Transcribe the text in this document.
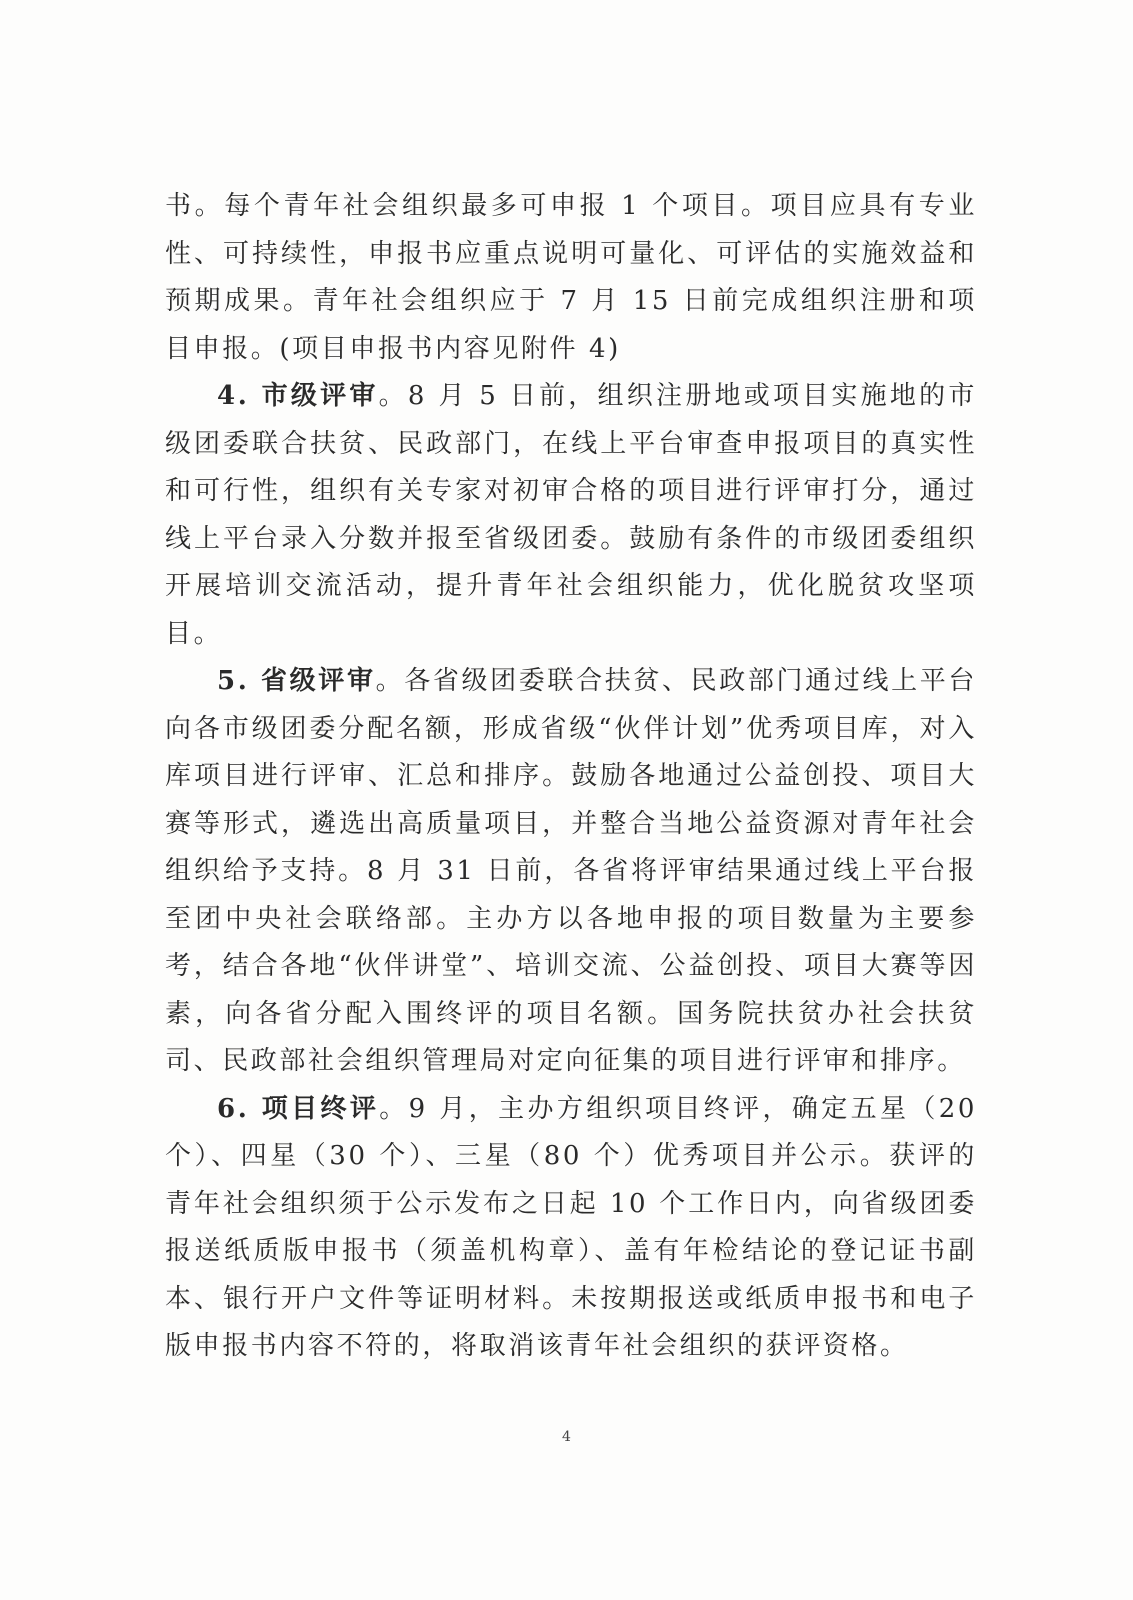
书。每个青年社会组织最多可申报 1 个项目。项目应具有专业性、可持续性，申报书应重点说明可量化、可评估的实施效益和预期成果。青年社会组织应于 7 月 15 日前完成组织注册和项目申报。(项目申报书内容见附件 4)

4. 市级评审。8 月 5 日前，组织注册地或项目实施地的市级团委联合扶贫、民政部门，在线上平台审查申报项目的真实性和可行性，组织有关专家对初审合格的项目进行评审打分，通过线上平台录入分数并报至省级团委。鼓励有条件的市级团委组织开展培训交流活动，提升青年社会组织能力，优化脱贫攻坚项目。

5. 省级评审。各省级团委联合扶贫、民政部门通过线上平台向各市级团委分配名额，形成省级“伙伴计划”优秀项目库，对入库项目进行评审、汇总和排序。鼓励各地通过公益创投、项目大赛等形式，遴选出高质量项目，并整合当地公益资源对青年社会组织给予支持。8 月 31 日前，各省将评审结果通过线上平台报至团中央社会联络部。主办方以各地申报的项目数量为主要参考，结合各地“伙伴讲堂”、培训交流、公益创投、项目大赛等因素，向各省分配入围终评的项目名额。国务院扶贫办社会扶贫司、民政部社会组织管理局对定向征集的项目进行评审和排序。

6. 项目终评。9 月，主办方组织项目终评，确定五星（20 个）、四星（30 个）、三星（80 个）优秀项目并公示。获评的青年社会组织须于公示发布之日起 10 个工作日内，向省级团委报送纸质版申报书（须盖机构章）、盖有年检结论的登记证书副本、银行开户文件等证明材料。未按期报送或纸质申报书和电子版申报书内容不符的，将取消该青年社会组织的获评资格。

4
